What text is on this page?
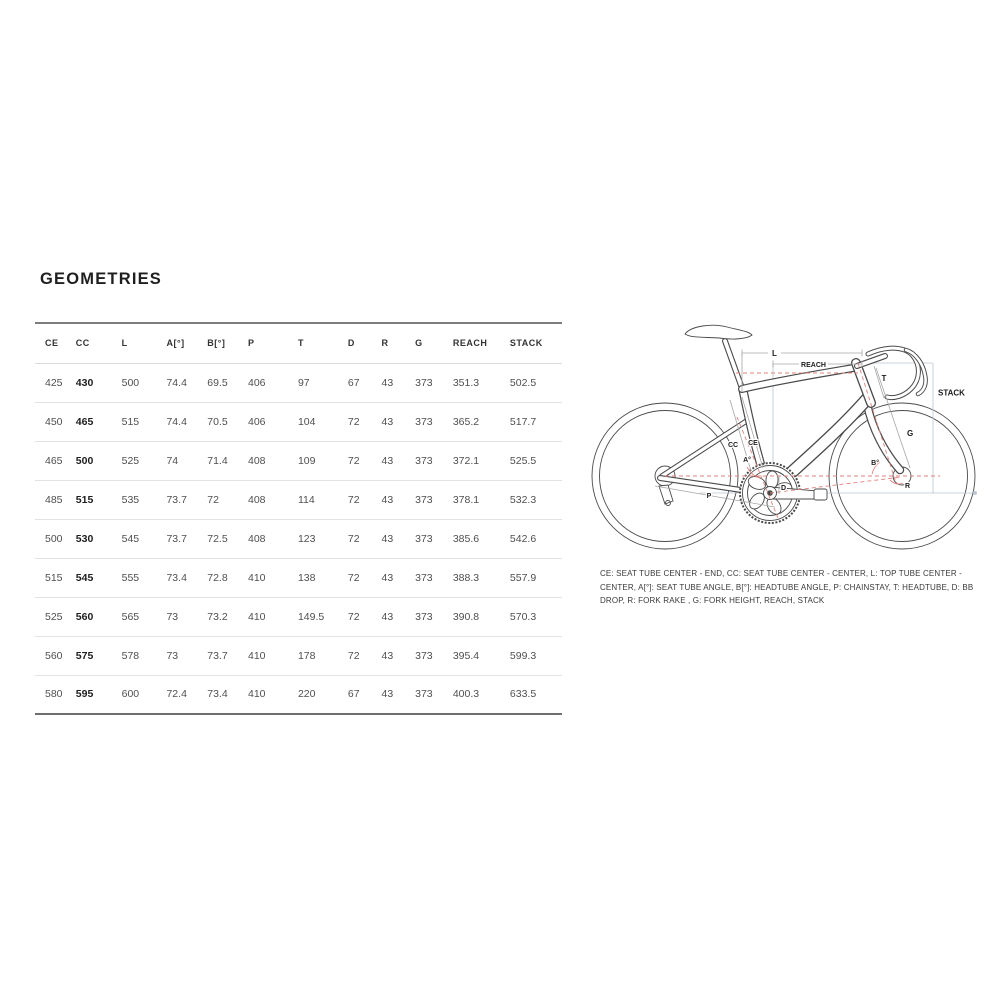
GEOMETRIES
CE	CC	L	A[°]	B[°]	P	T	D	R	G	REACH	STACK
425	430	500	74.4	69.5	406	97	67	43	373	351.3	502.5
450	465	515	74.4	70.5	406	104	72	43	373	365.2	517.7
465	500	525	74	71.4	408	109	72	43	373	372.1	525.5
485	515	535	73.7	72	408	114	72	43	373	378.1	532.3
500	530	545	73.7	72.5	408	123	72	43	373	385.6	542.6
515	545	555	73.4	72.8	410	138	72	43	373	388.3	557.9
525	560	565	73	73.2	410	149.5	72	43	373	390.8	570.3
560	575	578	73	73.7	410	178	72	43	373	395.4	599.3
580	595	600	72.4	73.4	410	220	67	43	373	400.3	633.5
L
REACH
STACK
T
G
CC CE
A°	B°
R
D
P
CE: SEAT TUBE CENTER - END, CC: SEAT TUBE CENTER - CENTER, L: TOP TUBE CENTER - CENTER, A[°]: SEAT TUBE ANGLE, B[°]: HEADTUBE ANGLE, P: CHAINSTAY, T: HEADTUBE, D: BB DROP, R: FORK RAKE , G: FORK HEIGHT, REACH, STACK
